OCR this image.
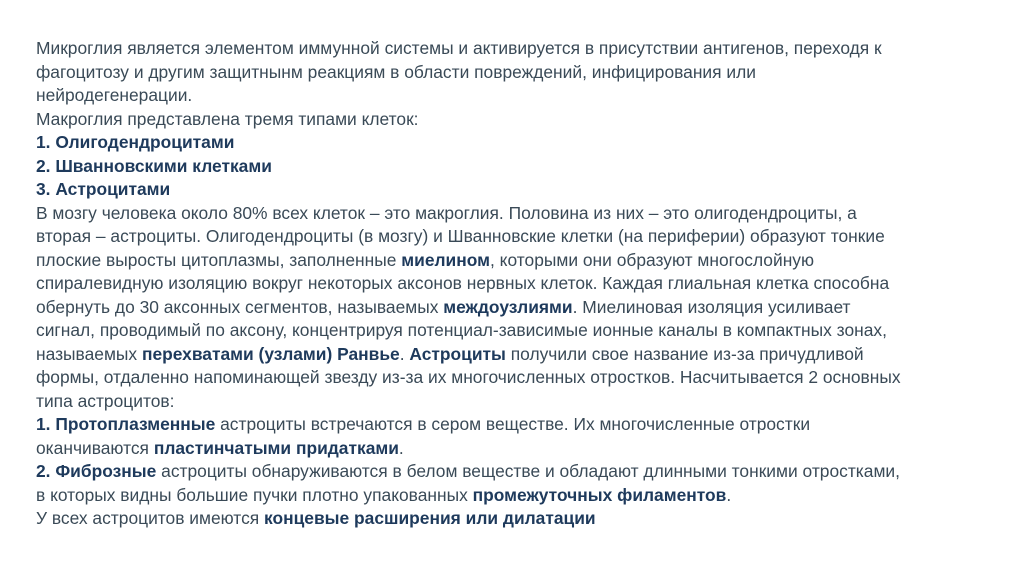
Микроглия является элементом иммунной системы и активируется в присутствии антигенов, переходя к
фагоцитозу и другим защитнынм реакциям в области повреждений, инфицирования или
нейродегенерации.
Макроглия представлена тремя типами клеток:
1. Олигодендроцитами
2. Шванновскими клетками
3. Астроцитами
В мозгу человека около 80% всех клеток – это макроглия. Половина из них – это олигодендроциты, а
вторая – астроциты. Олигодендроциты (в мозгу) и Шванновские клетки (на периферии) образуют тонкие
плоские выросты цитоплазмы, заполненные миелином, которыми они образуют многослойную
спиралевидную изоляцию вокруг некоторых аксонов нервных клеток. Каждая глиальная клетка способна
обернуть до 30 аксонных сегментов, называемых междоузлиями. Миелиновая изоляция усиливает
сигнал, проводимый по аксону, концентрируя потенциал-зависимые ионные каналы в компактных зонах,
называемых перехватами (узлами) Ранвье. Астроциты получили свое название из-за причудливой
формы, отдаленно напоминающей звезду из-за их многочисленных отростков. Насчитывается 2 основных
типа астроцитов:
1. Протоплазменные астроциты встречаются в сером веществе. Их многочисленные отростки
оканчиваются пластинчатыми придатками.
2. Фиброзные астроциты обнаруживаются в белом веществе и обладают длинными тонкими отростками,
в которых видны большие пучки плотно упакованных промежуточных филаментов.
У всех астроцитов имеются концевые расширения или дилатации
